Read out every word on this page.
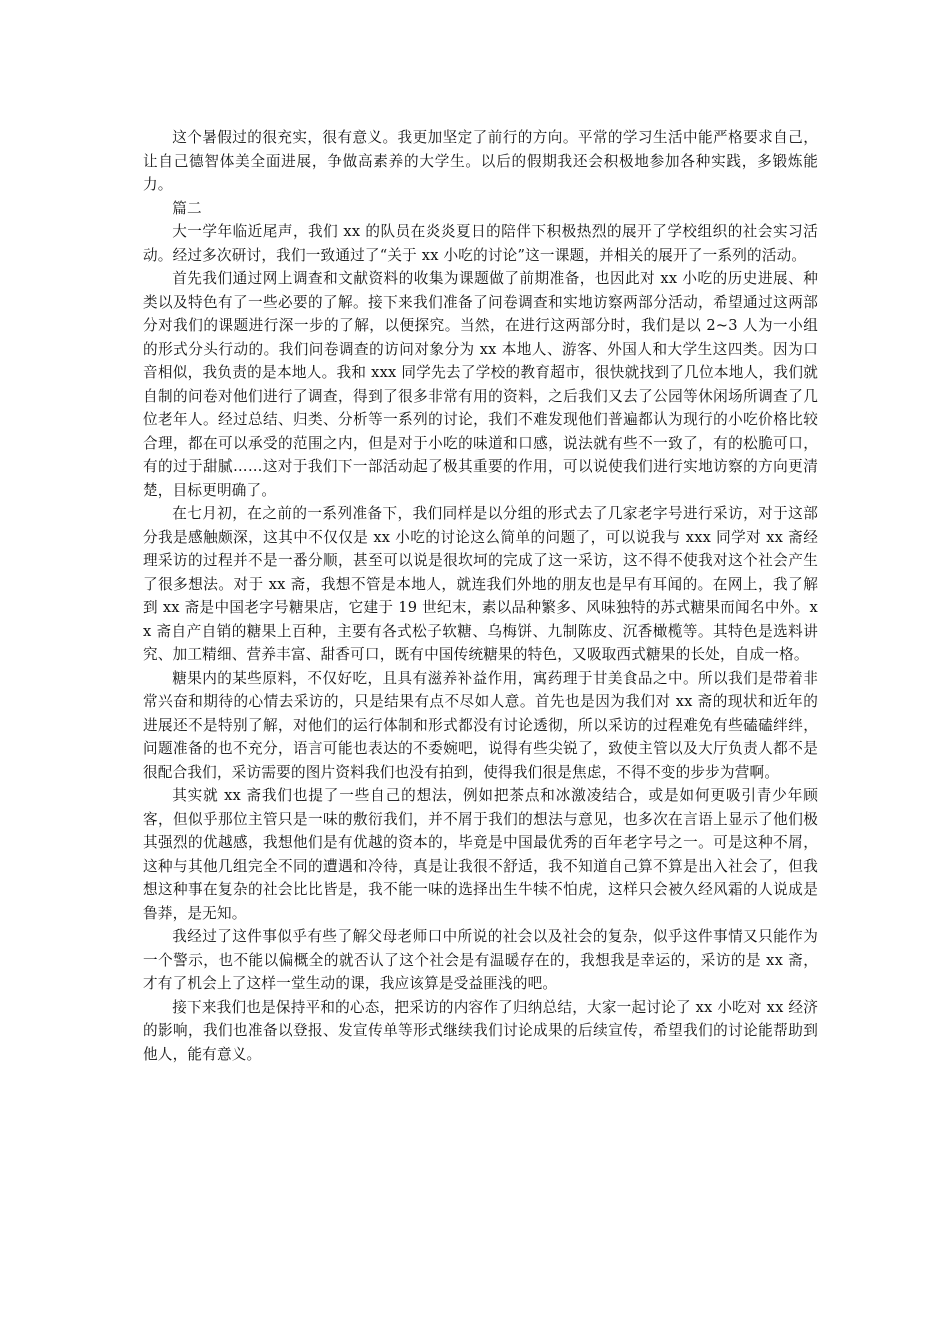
这个暑假过的很充实，很有意义。我更加坚定了前行的方向。平常的学习生活中能严格要求自己，让自己德智体美全面进展，争做高素养的大学生。以后的假期我还会积极地参加各种实践，多锻炼能力。

篇二

大一学年临近尾声，我们 xx 的队员在炎炎夏日的陪伴下积极热烈的展开了学校组织的社会实习活动。经过多次研讨，我们一致通过了“关于 xx 小吃的讨论”这一课题，并相关的展开了一系列的活动。

首先我们通过网上调查和文献资料的收集为课题做了前期准备，也因此对 xx 小吃的历史进展、种类以及特色有了一些必要的了解。接下来我们准备了问卷调查和实地访察两部分活动，希望通过这两部分对我们的课题进行深一步的了解，以便探究。当然，在进行这两部分时，我们是以 2~3 人为一小组的形式分头行动的。我们问卷调查的访问对象分为 xx 本地人、游客、外国人和大学生这四类。因为口音相似，我负责的是本地人。我和 xxx 同学先去了学校的教育超市，很快就找到了几位本地人，我们就自制的问卷对他们进行了调查，得到了很多非常有用的资料，之后我们又去了公园等休闲场所调查了几位老年人。经过总结、归类、分析等一系列的讨论，我们不难发现他们普遍都认为现行的小吃价格比较合理，都在可以承受的范围之内，但是对于小吃的味道和口感，说法就有些不一致了，有的松脆可口，有的过于甜腻……这对于我们下一部活动起了极其重要的作用，可以说使我们进行实地访察的方向更清楚，目标更明确了。

在七月初，在之前的一系列准备下，我们同样是以分组的形式去了几家老字号进行采访，对于这部分我是感触颇深，这其中不仅仅是 xx 小吃的讨论这么简单的问题了，可以说我与 xxx 同学对 xx 斋经理采访的过程并不是一番分顺，甚至可以说是很坎坷的完成了这一采访，这不得不使我对这个社会产生了很多想法。对于 xx 斋，我想不管是本地人，就连我们外地的朋友也是早有耳闻的。在网上，我了解到 xx 斋是中国老字号糖果店，它建于 19 世纪末，素以品种繁多、风味独特的苏式糖果而闻名中外。xx 斋自产自销的糖果上百种，主要有各式松子软糖、乌梅饼、九制陈皮、沉香橄榄等。其特色是选料讲究、加工精细、营养丰富、甜香可口，既有中国传统糖果的特色，又吸取西式糖果的长处，自成一格。

糖果内的某些原料，不仅好吃，且具有滋养补益作用，寓药理于甘美食品之中。所以我们是带着非常兴奋和期待的心情去采访的，只是结果有点不尽如人意。首先也是因为我们对 xx 斋的现状和近年的进展还不是特别了解，对他们的运行体制和形式都没有讨论透彻，所以采访的过程难免有些磕磕绊绊，问题准备的也不充分，语言可能也表达的不委婉吧，说得有些尖锐了，致使主管以及大厅负责人都不是很配合我们，采访需要的图片资料我们也没有拍到，使得我们很是焦虑，不得不变的步步为营啊。

其实就 xx 斋我们也提了一些自己的想法，例如把茶点和冰激凌结合，或是如何更吸引青少年顾客，但似乎那位主管只是一味的敷衍我们，并不屑于我们的想法与意见，也多次在言语上显示了他们极其强烈的优越感，我想他们是有优越的资本的，毕竟是中国最优秀的百年老字号之一。可是这种不屑，这种与其他几组完全不同的遭遇和冷待，真是让我很不舒适，我不知道自己算不算是出入社会了，但我想这种事在复杂的社会比比皆是，我不能一味的选择出生牛犊不怕虎，这样只会被久经风霜的人说成是鲁莽，是无知。

我经过了这件事似乎有些了解父母老师口中所说的社会以及社会的复杂，似乎这件事情又只能作为一个警示，也不能以偏概全的就否认了这个社会是有温暖存在的，我想我是幸运的，采访的是 xx 斋，才有了机会上了这样一堂生动的课，我应该算是受益匪浅的吧。

接下来我们也是保持平和的心态，把采访的内容作了归纳总结，大家一起讨论了 xx 小吃对 xx 经济的影响，我们也准备以登报、发宣传单等形式继续我们讨论成果的后续宣传，希望我们的讨论能帮助到他人，能有意义。
